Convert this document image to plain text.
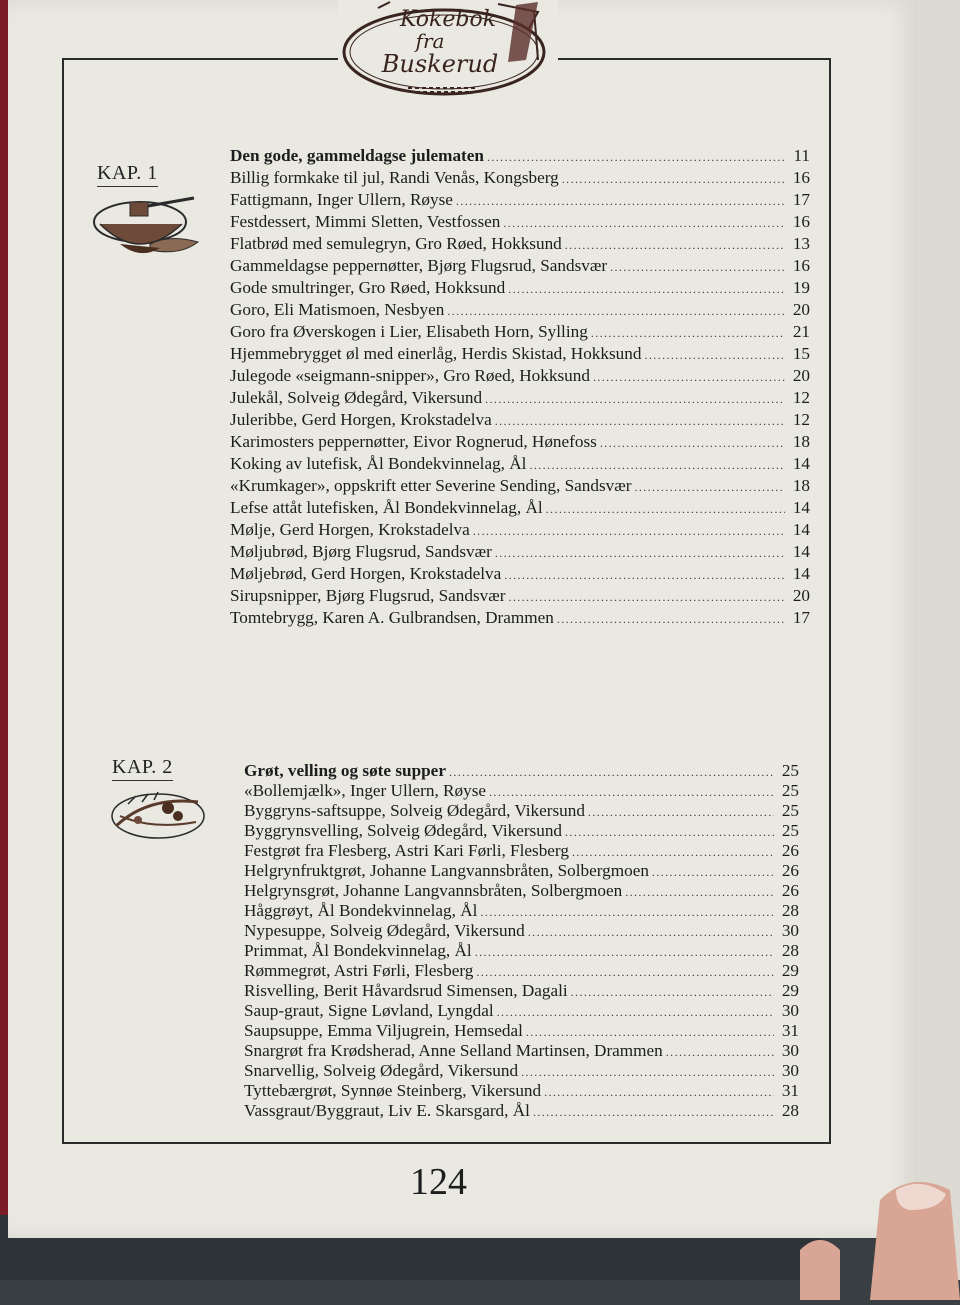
Kokebok
fra
Buskerud
KAP. 1
Den gode, gammeldagse julematen .....	11
Billig formkake til jul, Randi Venås, Kongsberg .....	16
Fattigmann, Inger Ullern, Røyse .....	17
Festdessert, Mimmi Sletten, Vestfossen .....	16
Flatbrød med semulegryn, Gro Røed, Hokksund .....	13
Gammeldagse peppernøtter, Bjørg Flugsrud, Sandsvær .....	16
Gode smultringer, Gro Røed, Hokksund .....	19
Goro, Eli Matismoen, Nesbyen .....	20
Goro fra Øverskogen i Lier, Elisabeth Horn, Sylling .....	21
Hjemmebrygget øl med einerlåg, Herdis Skistad, Hokksund .....	15
Julegode «seigmann-snipper», Gro Røed, Hokksund .....	20
Julekål, Solveig Ødegård, Vikersund .....	12
Juleribbe, Gerd Horgen, Krokstadelva .....	12
Karimosters peppernøtter, Eivor Rognerud, Hønefoss .....	18
Koking av lutefisk, Ål Bondekvinnelag, Ål .....	14
«Krumkager», oppskrift etter Severine Sending, Sandsvær .....	18
Lefse attåt lutefisken, Ål Bondekvinnelag, Ål .....	14
Mølje, Gerd Horgen, Krokstadelva .....	14
Møljubrød, Bjørg Flugsrud, Sandsvær .....	14
Møljebrød, Gerd Horgen, Krokstadelva .....	14
Sirupsnipper, Bjørg Flugsrud, Sandsvær .....	20
Tomtebrygg, Karen A. Gulbrandsen, Drammen .....	17
KAP. 2	Grøt, velling og søte supper .....	25
«Bollemjælk», Inger Ullern, Røyse .....	25
Byggryns-saftsuppe, Solveig Ødegård, Vikersund .....	25
Byggrynsvelling, Solveig Ødegård, Vikersund .....	25
Festgrøt fra Flesberg, Astri Kari Førli, Flesberg .....	26
Helgrynfruktgrøt, Johanne Langvannsbråten, Solbergmoen .....	26
Helgrynsgrøt, Johanne Langvannsbråten, Solbergmoen .....	26
Håggrøyt, Ål Bondekvinnelag, Ål .....	28
Nypesuppe, Solveig Ødegård, Vikersund .....	30
Primmat, Ål Bondekvinnelag, Ål .....	28
Rømmegrøt, Astri Førli, Flesberg .....	29
Risvelling, Berit Håvardsrud Simensen, Dagali .....	29
Saup-graut, Signe Løvland, Lyngdal .....	30
Saupsuppe, Emma Viljugrein, Hemsedal .....	31
Snargrøt fra Krødsherad, Anne Selland Martinsen, Drammen .....	30
Snarvellig, Solveig Ødegård, Vikersund .....	30
Tyttebærgrøt, Synnøe Steinberg, Vikersund .....	31
Vassgraut/Byggraut, Liv E. Skarsgard, Ål .....	28
124
